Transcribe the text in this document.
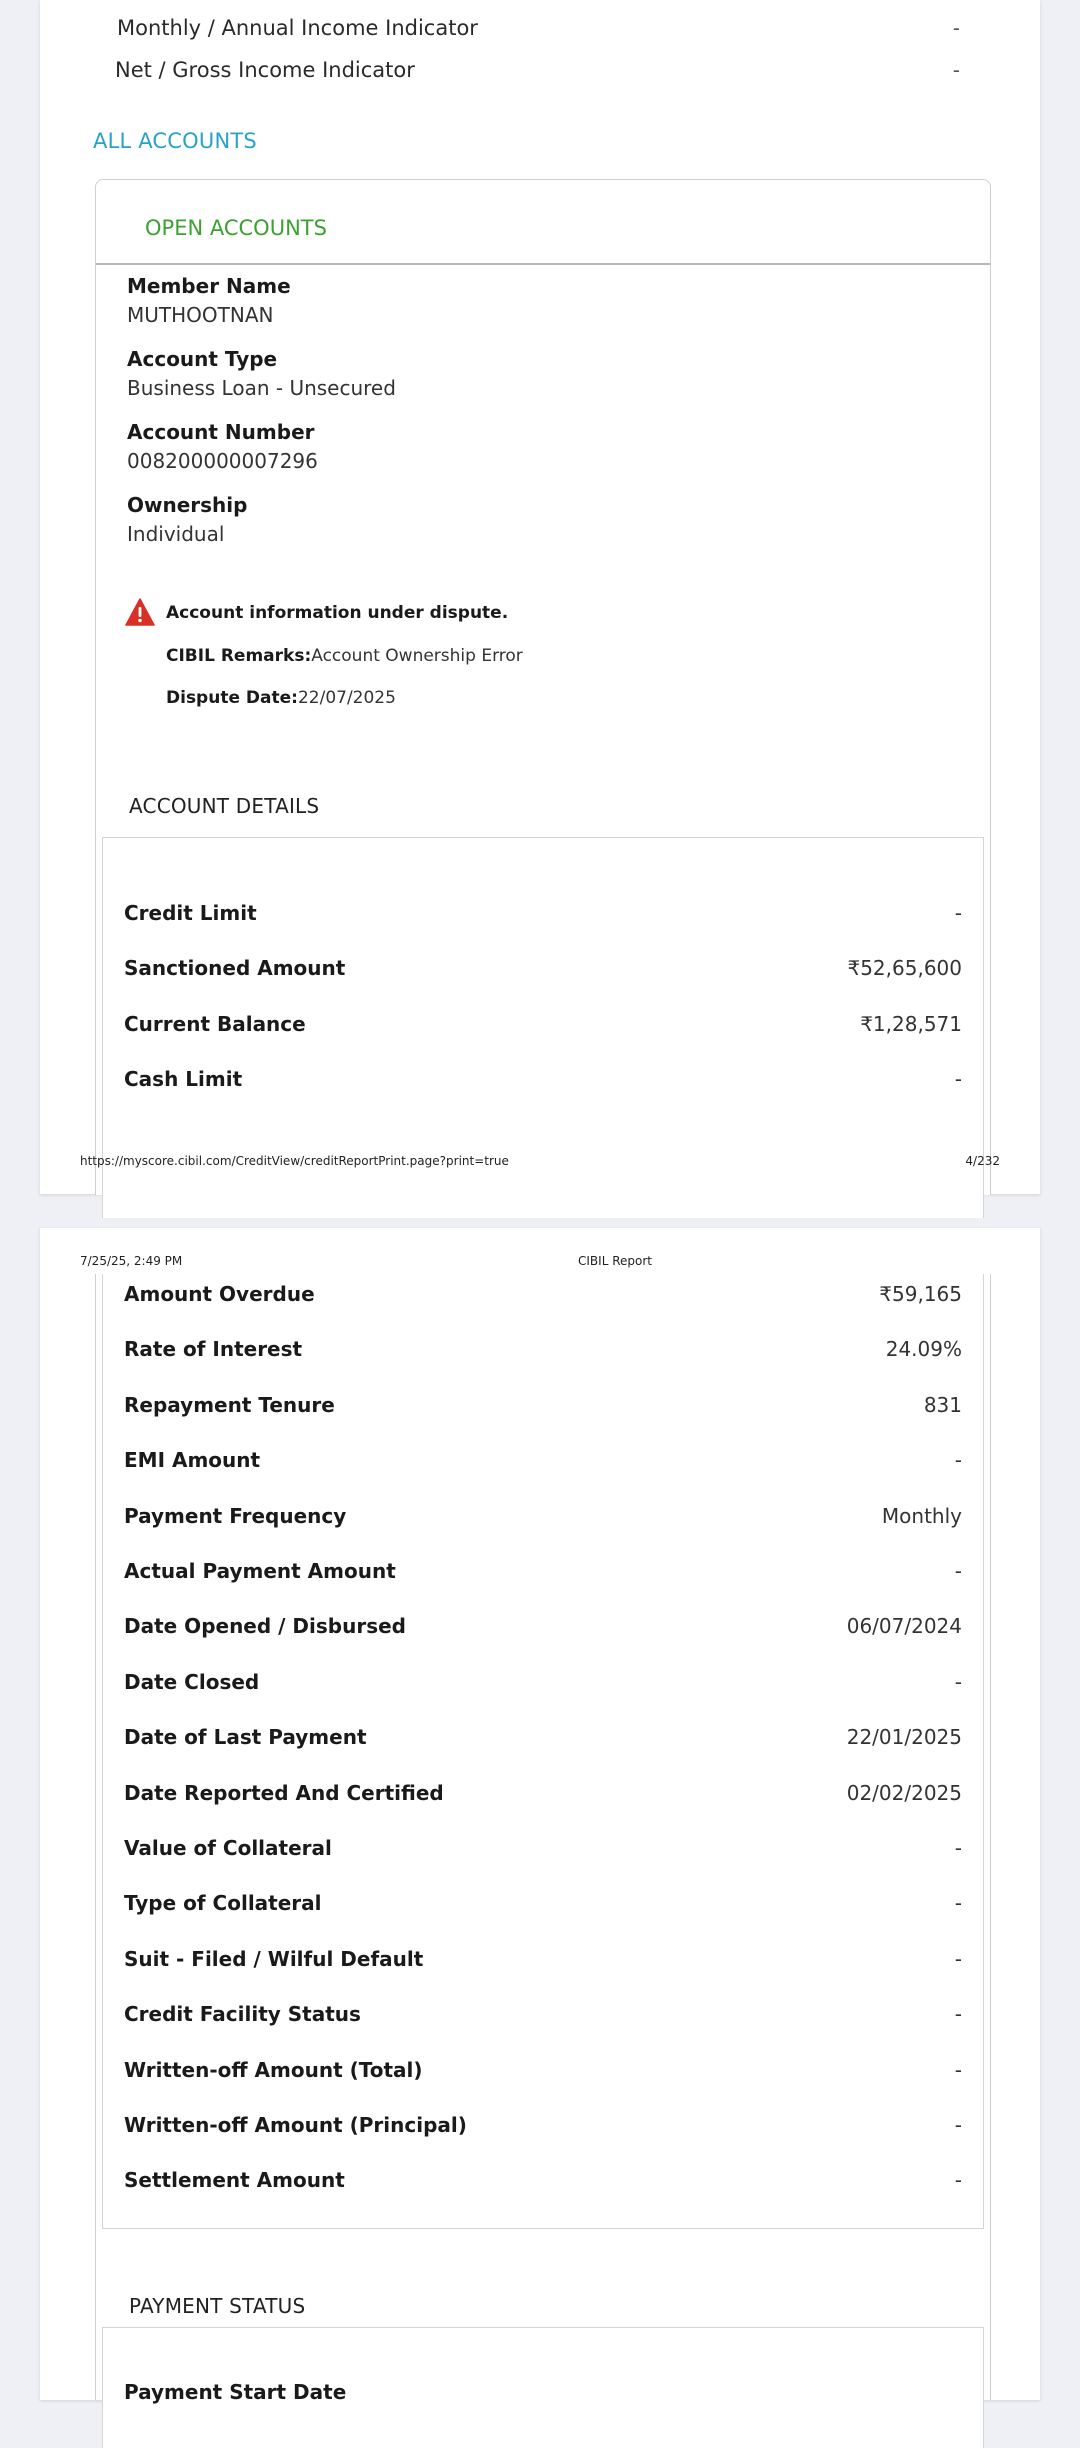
Monthly / Annual Income Indicator	-
Net / Gross Income Indicator	-
ALL ACCOUNTS
OPEN ACCOUNTS
Member Name
MUTHOOTNAN
Account Type
Business Loan - Unsecured
Account Number
008200000007296
Ownership
Individual
Account information under dispute.
CIBIL Remarks:Account Ownership Error
Dispute Date:22/07/2025
ACCOUNT DETAILS
Credit Limit	-
Sanctioned Amount	₹52,65,600
Current Balance	₹1,28,571
Cash Limit	-
https://myscore.cibil.com/CreditView/creditReportPrint.page?print=true	4/232
7/25/25, 2:49 PM	CIBIL Report
Amount Overdue	₹59,165
Rate of Interest	24.09%
Repayment Tenure	831
EMI Amount	-
Payment Frequency	Monthly
Actual Payment Amount	-
Date Opened / Disbursed	06/07/2024
Date Closed	-
Date of Last Payment	22/01/2025
Date Reported And Certified	02/02/2025
Value of Collateral	-
Type of Collateral	-
Suit - Filed / Wilful Default	-
Credit Facility Status	-
Written-off Amount (Total)	-
Written-off Amount (Principal)	-
Settlement Amount	-
PAYMENT STATUS
Payment Start Date
